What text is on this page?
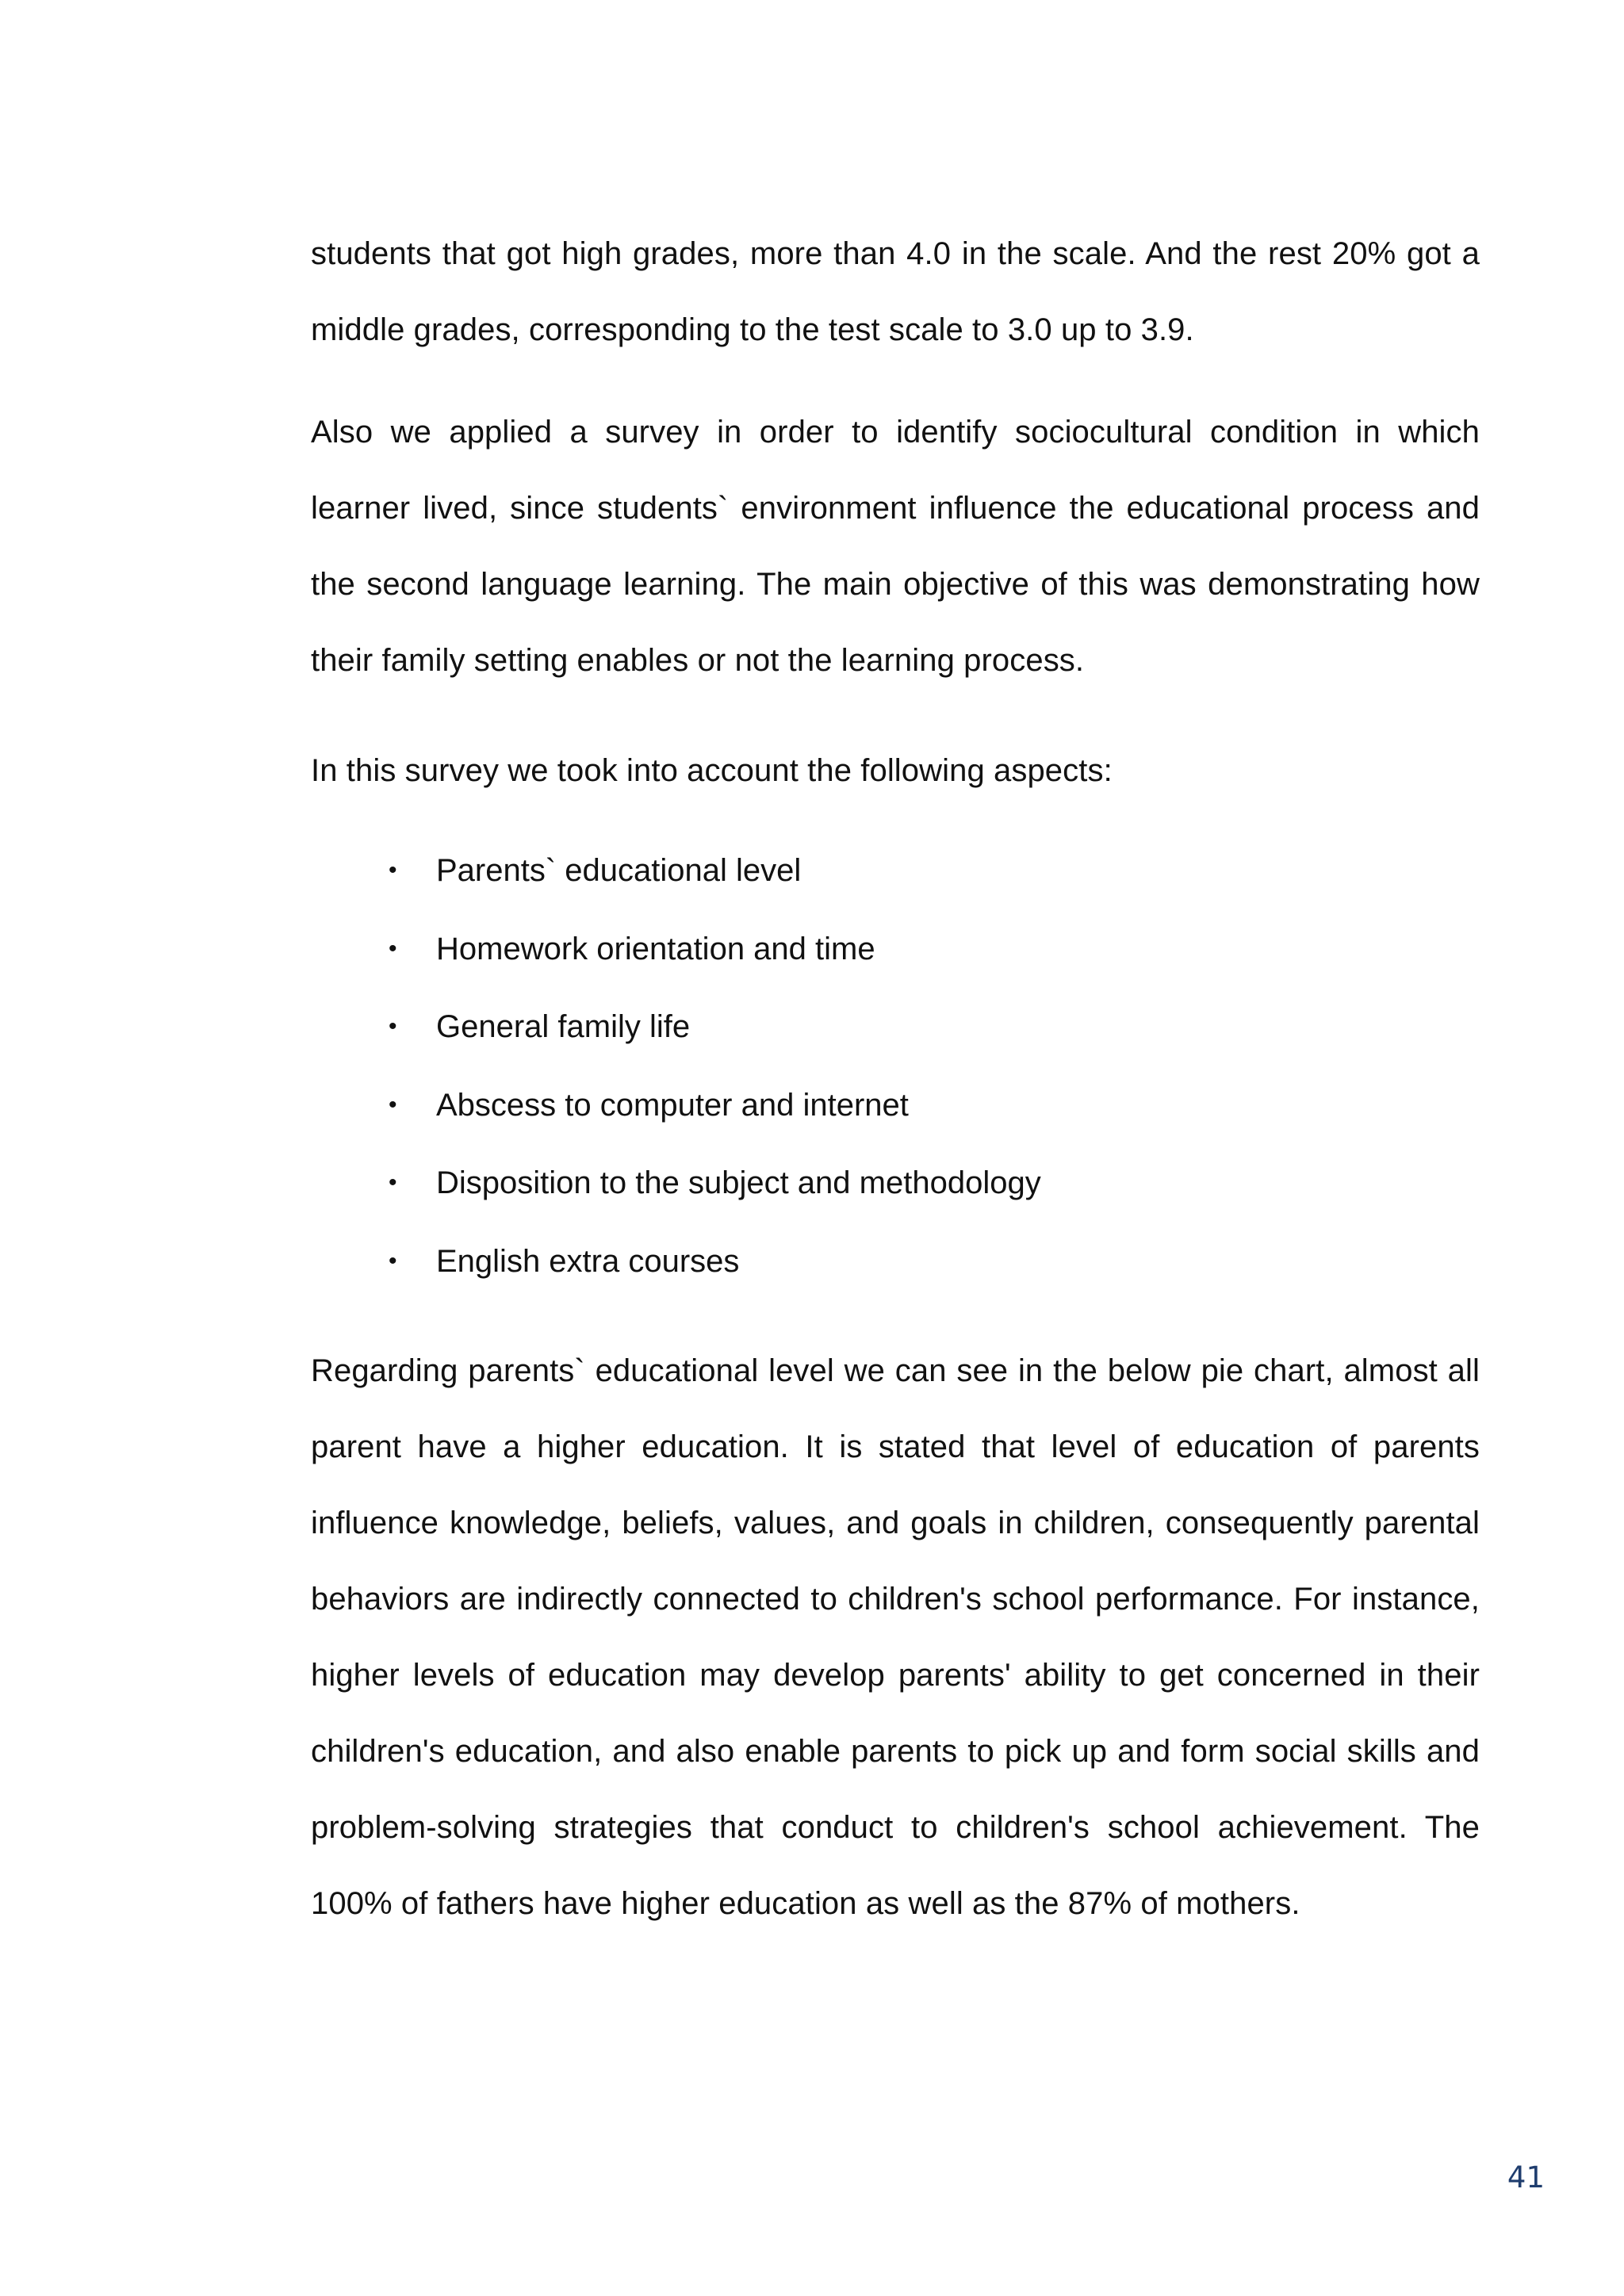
students that got high grades, more than 4.0 in the scale. And the rest 20% got a middle grades, corresponding to the test scale to 3.0 up to 3.9.

Also we applied a survey in order to identify sociocultural condition in which learner lived, since students` environment influence the educational process and the second language learning. The main objective of this was demonstrating how their family setting enables or not the learning process.

In this survey we took into account the following aspects:

• Parents` educational level
• Homework orientation and time
• General family life
• Abscess to computer and internet
• Disposition to the subject and methodology
• English extra courses

Regarding parents` educational level we can see in the below pie chart, almost all parent have a higher education. It is stated that level of education of parents influence knowledge, beliefs, values, and goals in children, consequently parental behaviors are indirectly connected to children's school performance. For instance, higher levels of education may develop parents' ability to get concerned in their children's education, and also enable parents to pick up and form social skills and problem-solving strategies that conduct to children's school achievement. The 100% of fathers have higher education as well as the 87% of mothers.

41
